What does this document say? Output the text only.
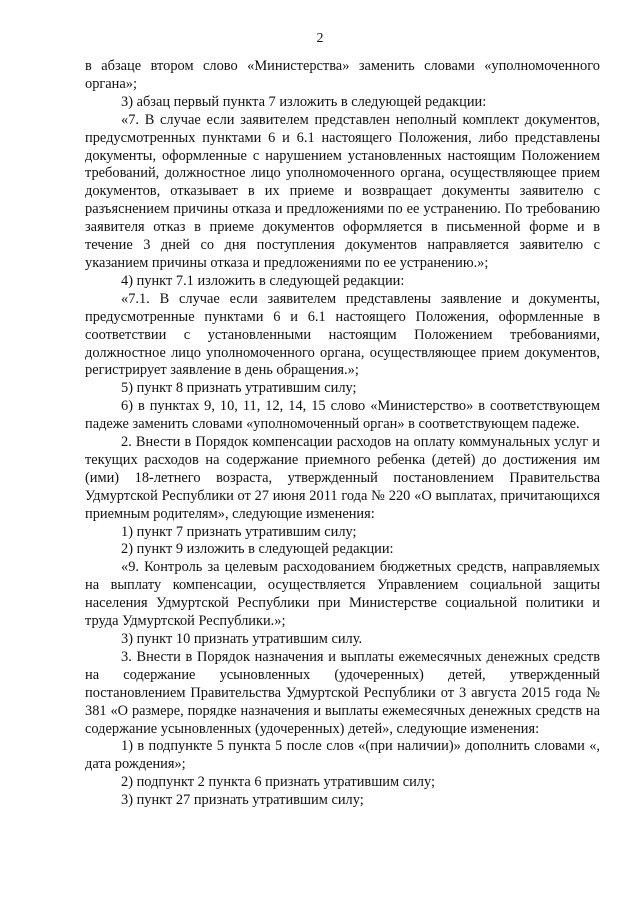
2

в абзаце втором слово «Министерства» заменить словами «уполномоченного органа»;

3) абзац первый пункта 7 изложить в следующей редакции:

«7. В случае если заявителем представлен неполный комплект документов, предусмотренных пунктами 6 и 6.1 настоящего Положения, либо представлены документы, оформленные с нарушением установленных настоящим Положением требований, должностное лицо уполномоченного органа, осуществляющее прием документов, отказывает в их приеме и возвращает документы заявителю с разъяснением причины отказа и предложениями по ее устранению. По требованию заявителя отказ в приеме документов оформляется в письменной форме и в течение 3 дней со дня поступления документов направляется заявителю с указанием причины отказа и предложениями по ее устранению.»;

4) пункт 7.1 изложить в следующей редакции:

«7.1. В случае если заявителем представлены заявление и документы, предусмотренные пунктами 6 и 6.1 настоящего Положения, оформленные в соответствии с установленными настоящим Положением требованиями, должностное лицо уполномоченного органа, осуществляющее прием документов, регистрирует заявление в день обращения.»;

5) пункт 8 признать утратившим силу;

6) в пунктах 9, 10, 11, 12, 14, 15 слово «Министерство» в соответствующем падеже заменить словами «уполномоченный орган» в соответствующем падеже.

2. Внести в Порядок компенсации расходов на оплату коммунальных услуг и текущих расходов на содержание приемного ребенка (детей) до достижения им (ими) 18-летнего возраста, утвержденный постановлением Правительства Удмуртской Республики от 27 июня 2011 года № 220 «О выплатах, причитающихся приемным родителям», следующие изменения:

1) пункт 7 признать утратившим силу;

2) пункт 9 изложить в следующей редакции:

«9. Контроль за целевым расходованием бюджетных средств, направляемых на выплату компенсации, осуществляется Управлением социальной защиты населения Удмуртской Республики при Министерстве социальной политики и труда Удмуртской Республики.»;

3) пункт 10 признать утратившим силу.

3. Внести в Порядок назначения и выплаты ежемесячных денежных средств на содержание усыновленных (удочеренных) детей, утвержденный постановлением Правительства Удмуртской Республики от 3 августа 2015 года № 381 «О размере, порядке назначения и выплаты ежемесячных денежных средств на содержание усыновленных (удочеренных) детей», следующие изменения:

1) в подпункте 5 пункта 5 после слов «(при наличии)» дополнить словами «, дата рождения»;

2) подпункт 2 пункта 6 признать утратившим силу;

3) пункт 27 признать утратившим силу;
